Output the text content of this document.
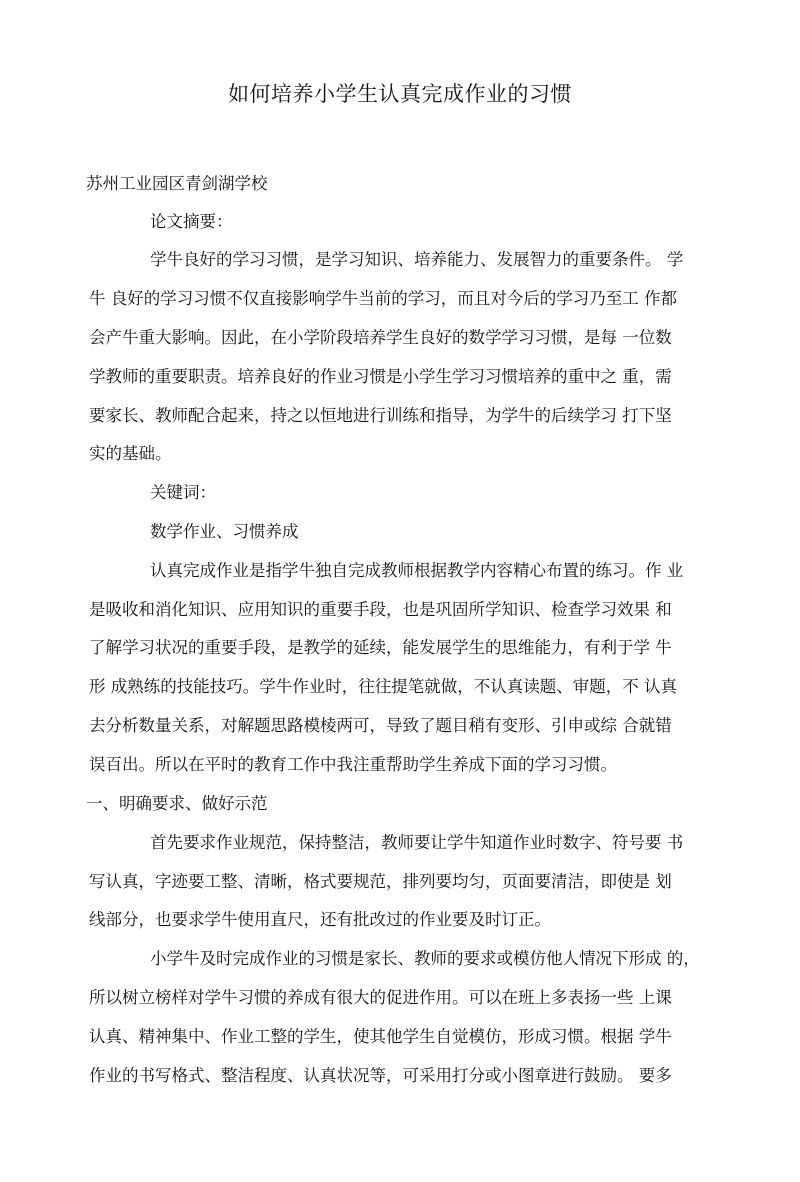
如何培养小学生认真完成作业的习惯
苏州工业园区青剑湖学校
论文摘要：
学牛良好的学习习惯，是学习知识、培养能力、发展智力的重要条件。 学
牛 良好的学习习惯不仅直接影响学牛当前的学习，而且对今后的学习乃至工 作都
会产牛重大影响。因此，在小学阶段培养学生良好的数学学习习惯，是每 一位数
学教师的重要职责。培养良好的作业习惯是小学生学习习惯培养的重中之 重，需
要家长、教师配合起来，持之以恒地进行训练和指导，为学牛的后续学习 打下坚
实的基础。
关键词：
数学作业、习惯养成
认真完成作业是指学牛独自完成教师根据教学内容精心布置的练习。作 业
是吸收和消化知识、应用知识的重要手段，也是巩固所学知识、检查学习效果 和
了解学习状况的重要手段，是教学的延续，能发展学生的思维能力，有利于学 牛
形 成熟练的技能技巧。学牛作业时，往往提笔就做，不认真读题、审题，不 认真
去分析数量关系，对解题思路模棱两可，导致了题目稍有变形、引申或综 合就错
误百出。所以在平时的教育工作中我注重帮助学生养成下面的学习习惯。
一、明确要求、做好示范
首先要求作业规范，保持整洁，教师要让学牛知道作业时数字、符号要 书
写认真，字迹要工整、清晰，格式要规范，排列要均匀，页面要清洁，即使是 划
线部分，也要求学牛使用直尺，还有批改过的作业要及时订正。
小学牛及时完成作业的习惯是家长、教师的要求或模仿他人情况下形成 的，
所以树立榜样对学牛习惯的养成有很大的促进作用。可以在班上多表扬一些 上课
认真、精神集中、作业工整的学生，使其他学生自觉模仿，形成习惯。根据 学牛
作业的书写格式、整洁程度、认真状况等，可采用打分或小图章进行鼓励。 要多
